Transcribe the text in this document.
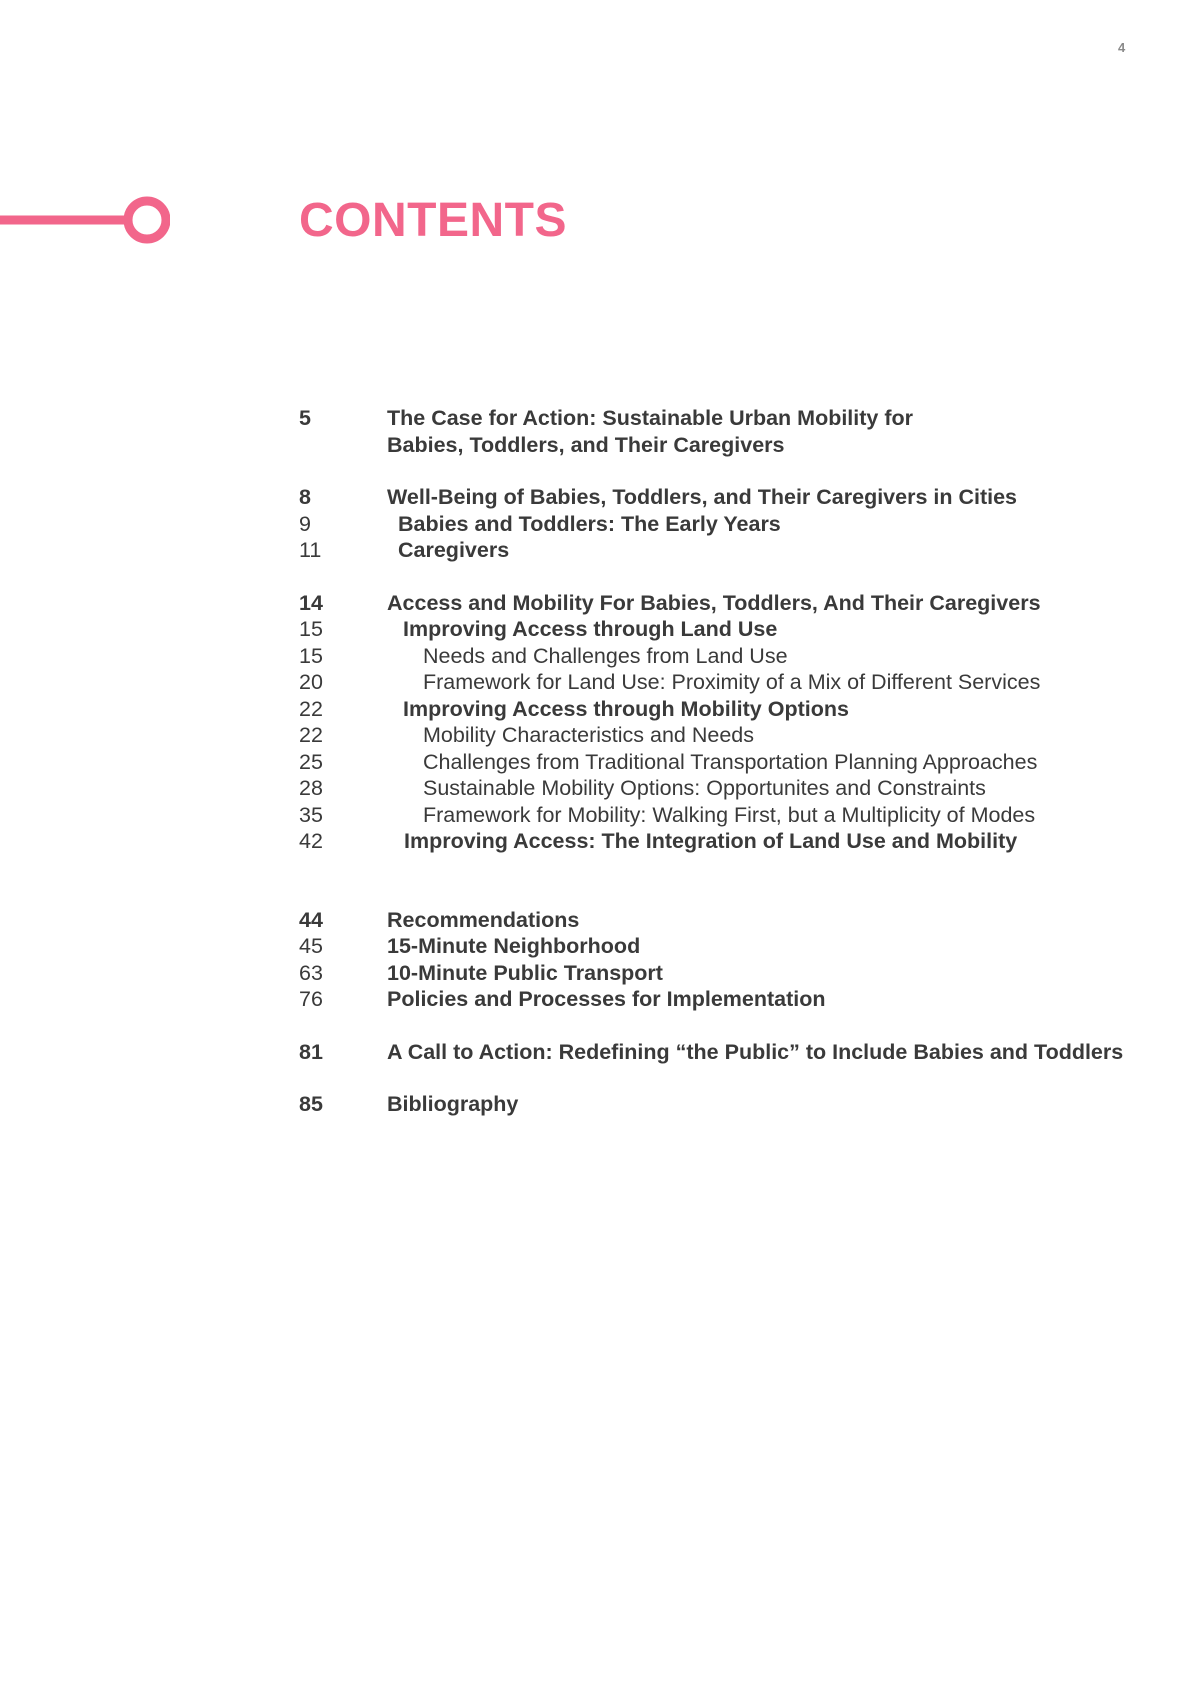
4
CONTENTS
5	The Case for Action: Sustainable Urban Mobility for
Babies, Toddlers, and Their Caregivers
8	Well-Being of Babies, Toddlers, and Their Caregivers in Cities
9	Babies and Toddlers: The Early Years
11	Caregivers
14	Access and Mobility For Babies, Toddlers, And Their Caregivers
15	Improving Access through Land Use
15	Needs and Challenges from Land Use
20	Framework for Land Use: Proximity of a Mix of Different Services
22	Improving Access through Mobility Options
22	Mobility Characteristics and Needs
25	Challenges from Traditional Transportation Planning Approaches
28	Sustainable Mobility Options: Opportunites and Constraints
35	Framework for Mobility: Walking First, but a Multiplicity of Modes
42	Improving Access: The Integration of Land Use and Mobility
44	Recommendations
45	15-Minute Neighborhood
63	10-Minute Public Transport
76	Policies and Processes for Implementation
81	A Call to Action: Redefining “the Public” to Include Babies and Toddlers
85	Bibliography
